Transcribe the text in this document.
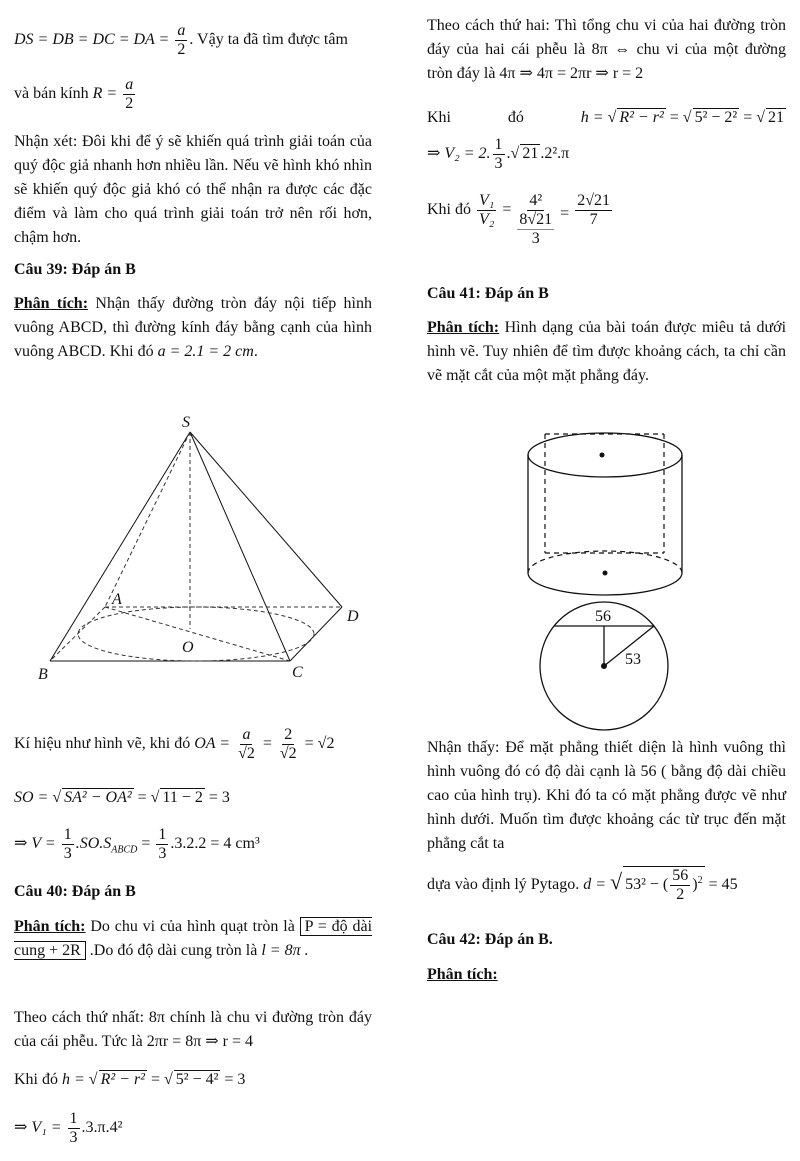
DS = DB = DC = DA = $\frac{a}{2}$ . Vậy ta đã tìm được tâm
và bán kính $R = \frac{a}{2}$
Nhận xét: Đôi khi để ý sẽ khiến quá trình giải toán của quý độc giả nhanh hơn nhiều lần. Nếu vẽ hình khó nhìn sẽ khiến quý độc giả khó có thể nhận ra được các đặc điểm và làm cho quá trình giải toán trở nên rối hơn, chậm hơn.
Câu 39: Đáp án B
Phân tích: Nhận thấy đường tròn đáy nội tiếp hình vuông ABCD, thì đường kính đáy bằng cạnh của hình vuông ABCD. Khi đó a = 2.1 = 2 cm.
S
A
D
B	C
O
Kí hiệu như hình vẽ, khi đó OA = $\frac{a}{√2} = \frac{2}{√2} = √2$
SO = √ SA² − OA² = √ 11 − 2 = 3
⇒ $V = \frac{1}{3} .SO.S_{ABCD} = \frac{1}{3} .3.2.2 = 4$ cm³
Câu 40: Đáp án B
Phân tích: Do chu vi của hình quạt tròn là P = độ dài cung + 2R .Do đó độ dài cung tròn là l = 8π .
Theo cách thứ nhất: 8π chính là chu vi đường tròn đáy của cái phễu. Tức là 2πr = 8π ⇒ r = 4
Khi đó h = √ R² − r² = √ 5² − 4² = 3
⇒ $V_1 = \frac{1}{3} .3.\pi.4^2$
Theo cách thứ hai: Thì tổng chu vi của hai đường tròn đáy của hai cái phễu là 8π ⇔ chu vi của một đường tròn đáy là 4π ⇒ 4π = 2πr ⇒ r = 2
Khi	đó	h = √ R² − r² = √ 5² − 2² = √ 21
⇒ V₂ = 2. $\frac{1}{3}$ .√ 21 .2².π
Khi đó $\frac{\text{V₁}}{\text{V₂}}$ =
4²
8√21
3
= $\frac{2√21}{7}$
Câu 41: Đáp án B
Phân tích: Hình dạng của bài toán được miêu tả dưới hình vẽ. Tuy nhiên để tìm được khoảng cách, ta chỉ cần vẽ mặt cắt của một mặt phẳng đáy.
56
53
Nhận thấy: Để mặt phẳng thiết diện là hình vuông thì hình vuông đó có độ dài cạnh là 56 ( bằng độ dài chiều cao của hình trụ). Khi đó ta có mặt phẳng được vẽ như hình dưới. Muốn tìm được khoảng các từ trục đến mặt phẳng cắt ta
dựa vào định lý Pytago. d = √ 53² − ( $\frac{56}{2} )^2 = 45$
Câu 42: Đáp án B.
Phân tích:
